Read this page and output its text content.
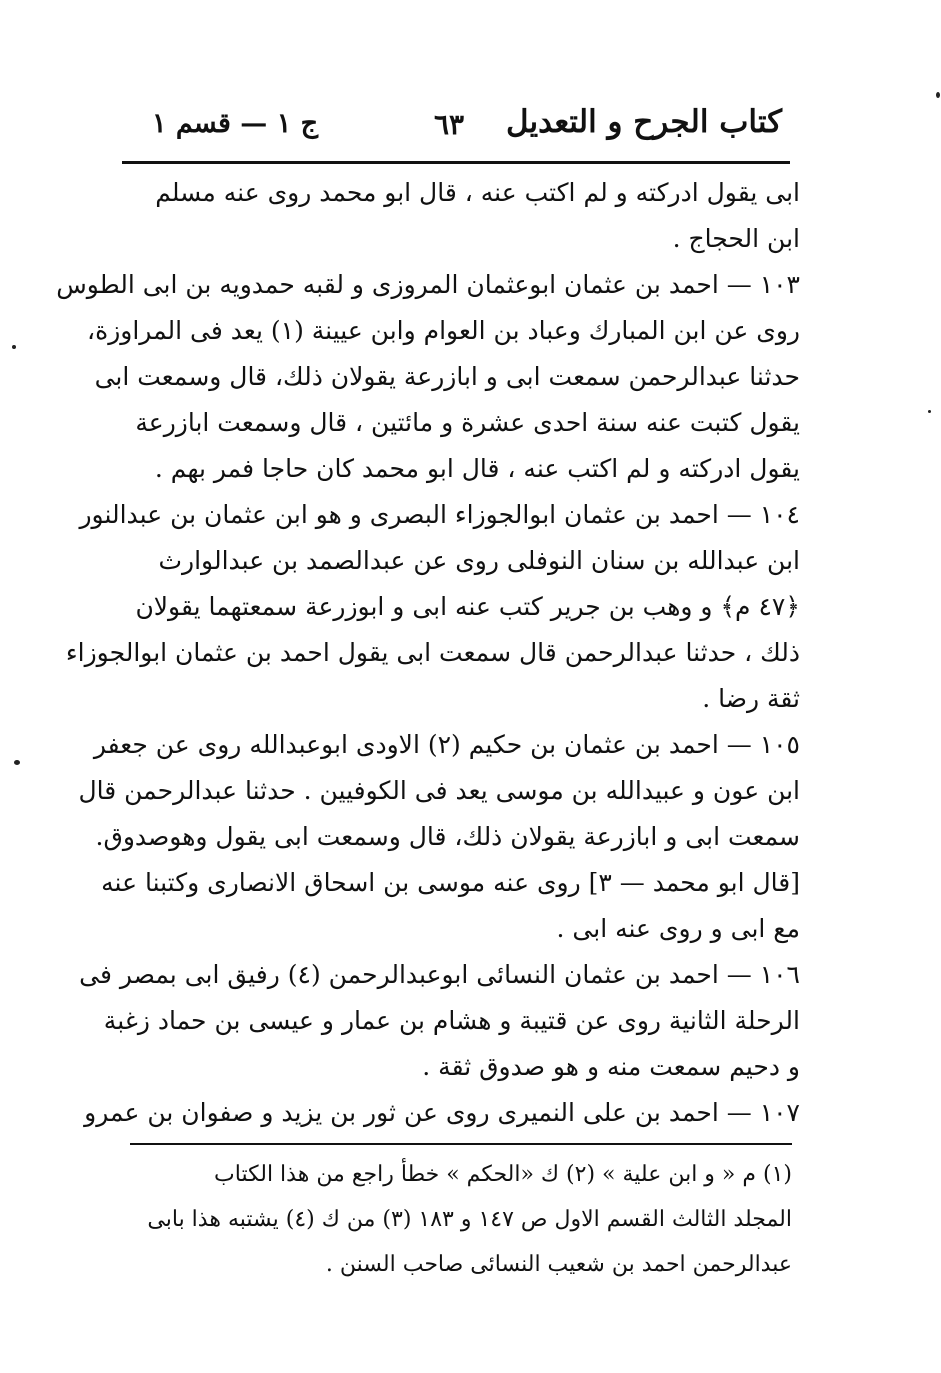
كتاب الجرح و التعديل
٦٣
ج ١ — قسم ١
ابى يقول ادركته و لم اكتب عنه ، قال ابو محمد روى عنه مسلم
ابن الحجاج .
١٠٣ — احمد بن عثمان ابوعثمان المروزى و لقبه حمدويه بن ابى الطوس
روى عن ابن المبارك وعباد بن العوام وابن عيينة (١) يعد فى المراوزة،
حدثنا عبدالرحمن سمعت ابى و ابازرعة يقولان ذلك، قال وسمعت ابى
يقول كتبت عنه سنة احدى عشرة و مائتين ، قال وسمعت ابازرعة
يقول ادركته و لم اكتب عنه ، قال ابو محمد كان حاجا فمر بهم .
١٠٤ — احمد بن عثمان ابوالجوزاء البصرى و هو ابن عثمان بن عبدالنور
ابن عبدالله بن سنان النوفلى روى عن عبدالصمد بن عبدالوارث
﴿٤٧ م﴾ و وهب بن جرير كتب عنه ابى و ابوزرعة سمعتهما يقولان
ذلك ، حدثنا عبدالرحمن قال سمعت ابى يقول احمد بن عثمان ابوالجوزاء
ثقة رضا .
١٠٥ — احمد بن عثمان بن حكيم (٢) الاودى ابوعبدالله روى عن جعفر
ابن عون و عبيدالله بن موسى يعد فى الكوفيين . حدثنا عبدالرحمن قال
سمعت ابى و ابازرعة يقولان ذلك، قال وسمعت ابى يقول وهوصدوق.
[قال ابو محمد — ٣] روى عنه موسى بن اسحاق الانصارى وكتبنا عنه
مع ابى و روى عنه ابى .
١٠٦ — احمد بن عثمان النسائى ابوعبدالرحمن (٤) رفيق ابى بمصر فى
الرحلة الثانية روى عن قتيبة و هشام بن عمار و عيسى بن حماد زغبة
و دحيم سمعت منه و هو صدوق ثقة .
١٠٧ — احمد بن على النميرى روى عن ثور بن يزيد و صفوان بن عمرو
(١) م « و ابن علية » (٢) ك «الحكم » خطأ راجع من هذا الكتاب
المجلد الثالث القسم الاول ص ١٤٧ و ١٨٣ (٣) من ك (٤) يشتبه هذا بابى
عبدالرحمن احمد بن شعيب النسائى صاحب السنن .
